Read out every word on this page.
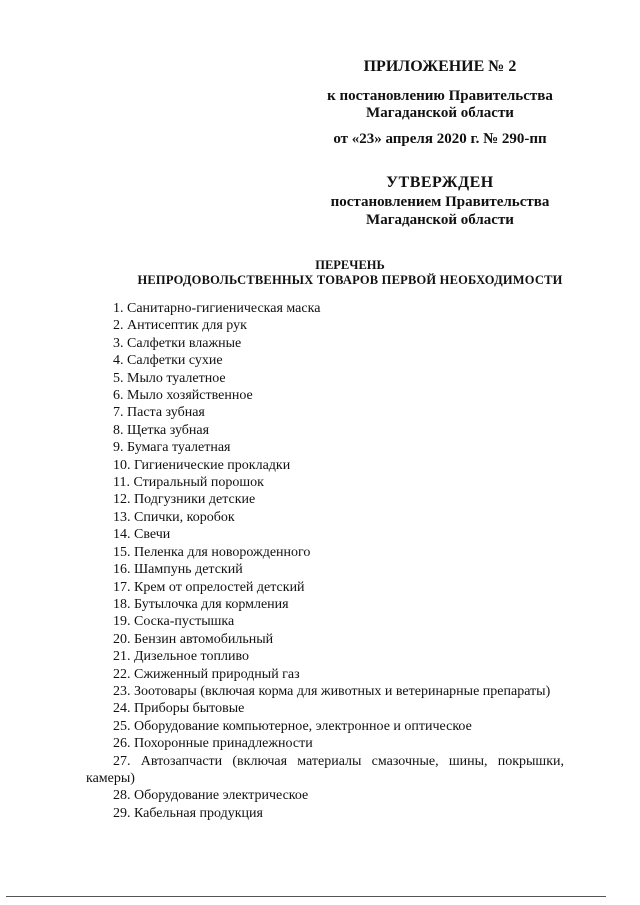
ПРИЛОЖЕНИЕ № 2
к постановлению Правительства
Магаданской области
от «23» апреля 2020 г. № 290-пп
УТВЕРЖДЕН
постановлением Правительства
Магаданской области
ПЕРЕЧЕНЬ
НЕПРОДОВОЛЬСТВЕННЫХ ТОВАРОВ ПЕРВОЙ НЕОБХОДИМОСТИ
1. Санитарно-гигиеническая маска
2. Антисептик для рук
3. Салфетки влажные
4. Салфетки сухие
5. Мыло туалетное
6. Мыло хозяйственное
7. Паста зубная
8. Щетка зубная
9. Бумага туалетная
10. Гигиенические прокладки
11. Стиральный порошок
12. Подгузники детские
13. Спички, коробок
14. Свечи
15. Пеленка для новорожденного
16. Шампунь детский
17. Крем от опрелостей детский
18. Бутылочка для кормления
19. Соска-пустышка
20. Бензин автомобильный
21. Дизельное топливо
22. Сжиженный природный газ
23. Зоотовары (включая корма для животных и ветеринарные препараты)
24. Приборы бытовые
25. Оборудование компьютерное, электронное и оптическое
26. Похоронные принадлежности
27. Автозапчасти (включая материалы смазочные, шины, покрышки, камеры)
28. Оборудование электрическое
29. Кабельная продукция
